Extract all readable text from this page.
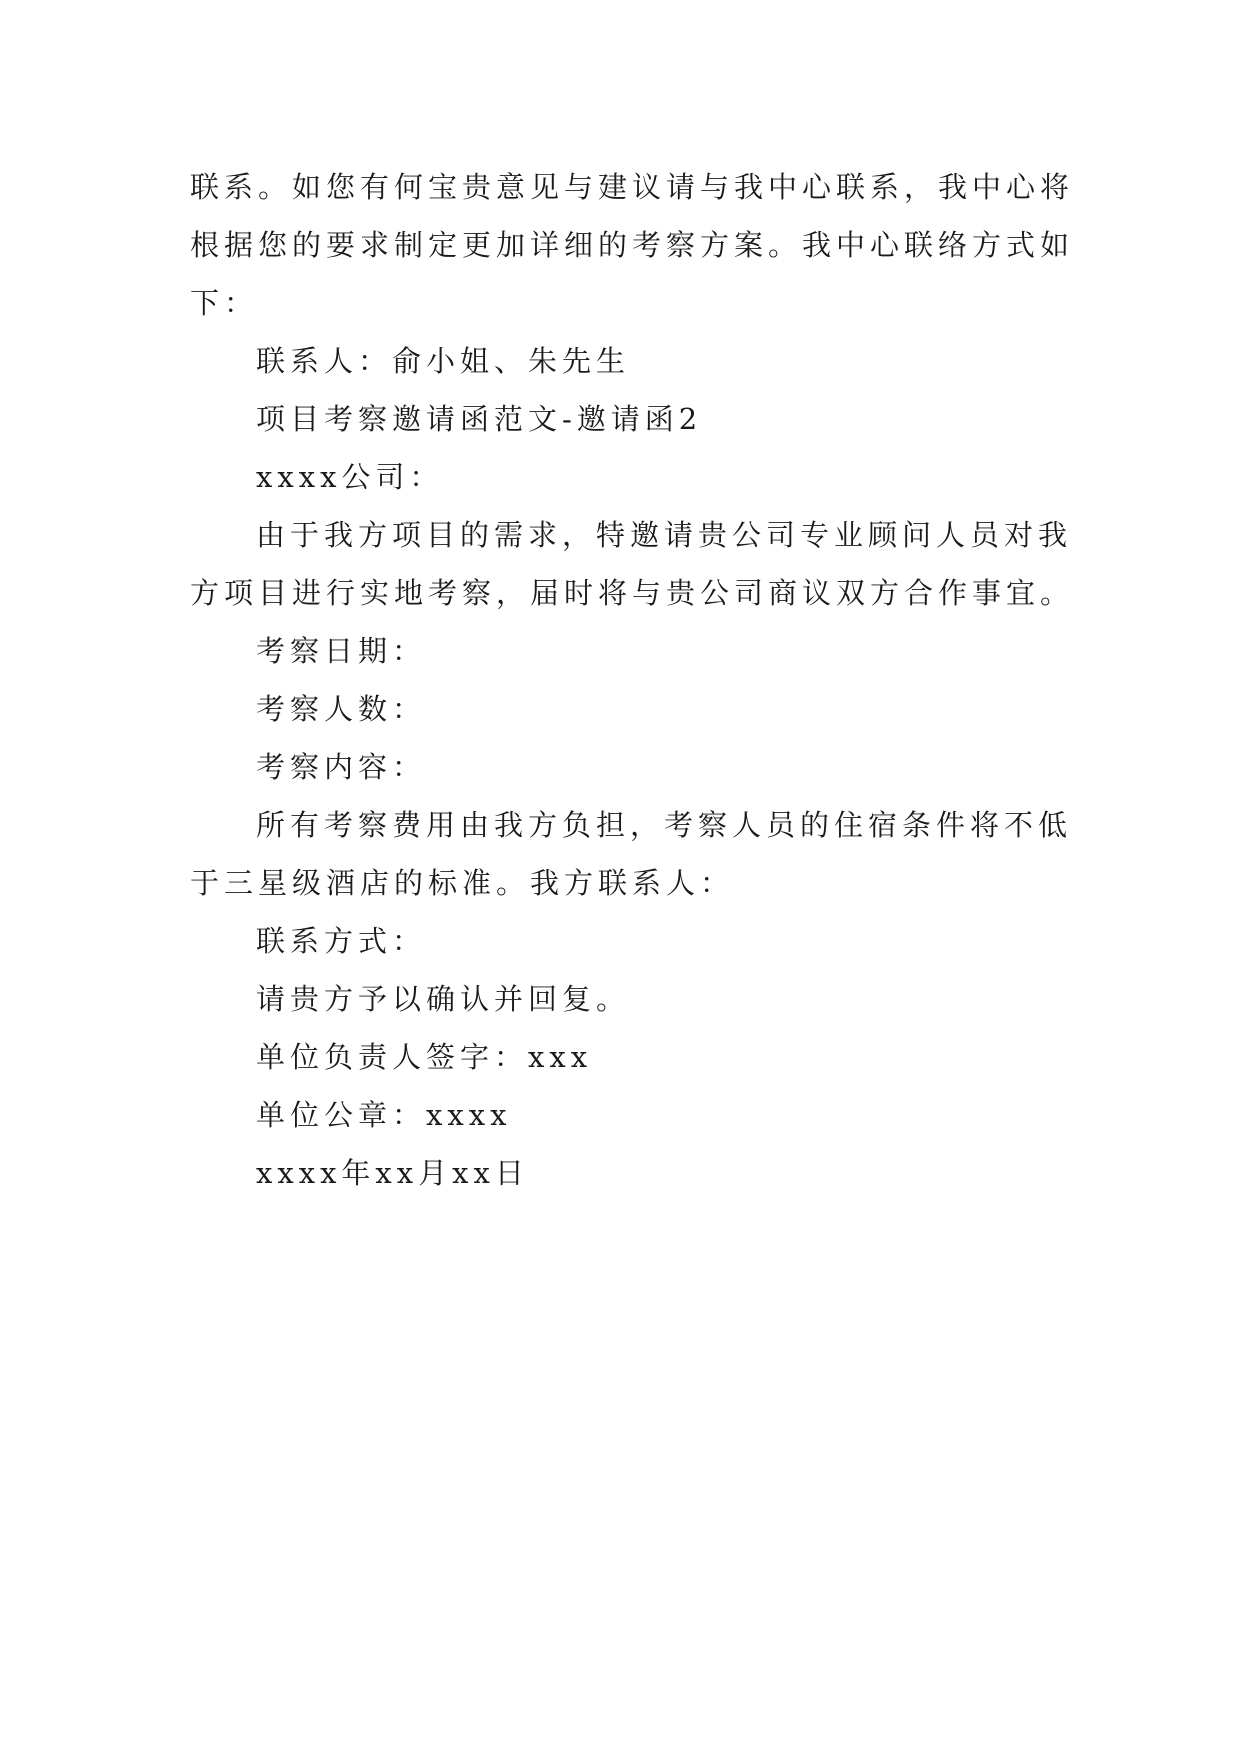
联系。如您有何宝贵意见与建议请与我中心联系，我中心将
根据您的要求制定更加详细的考察方案。我中心联络方式如
下：
联系人：俞小姐、朱先生
项目考察邀请函范文-邀请函2
xxxx公司：
由于我方项目的需求，特邀请贵公司专业顾问人员对我
方项目进行实地考察，届时将与贵公司商议双方合作事宜。
考察日期：
考察人数：
考察内容：
所有考察费用由我方负担，考察人员的住宿条件将不低
于三星级酒店的标准。我方联系人：
联系方式：
请贵方予以确认并回复。
单位负责人签字：xxx
单位公章：xxxx
xxxx年xx月xx日
